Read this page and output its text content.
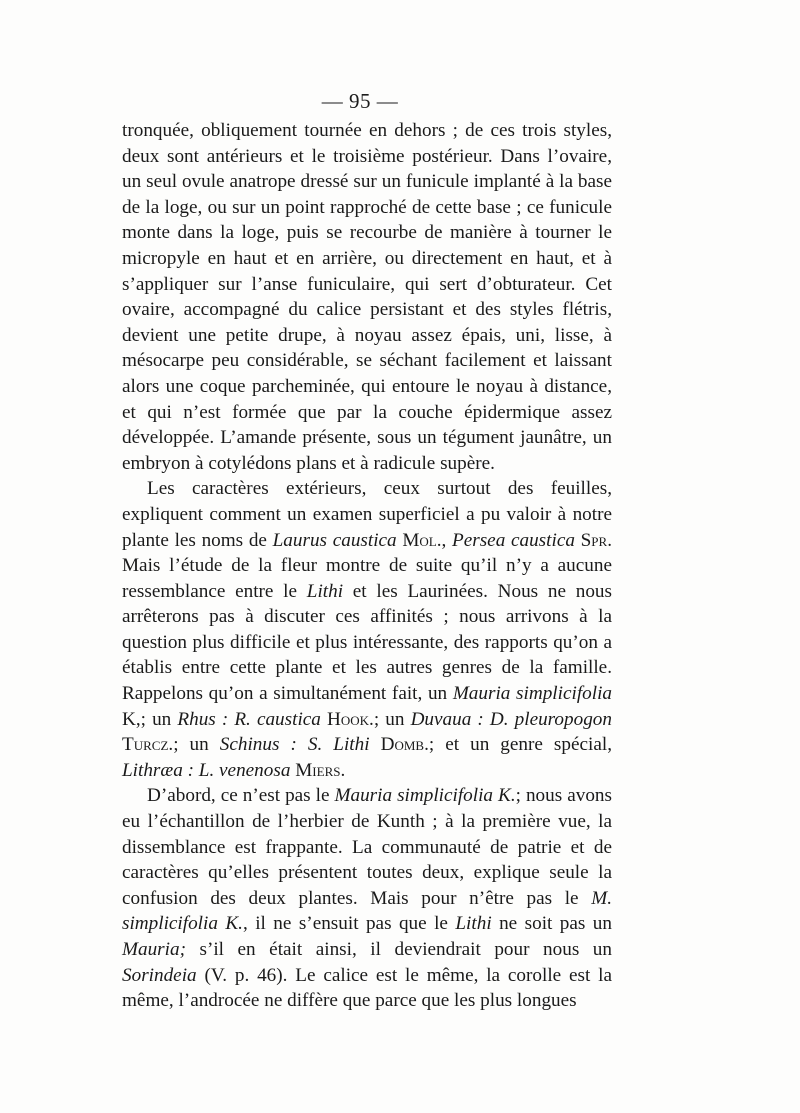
— 95 —

tronquée, obliquement tournée en dehors ; de ces trois styles, deux sont antérieurs et le troisième postérieur. Dans l’ovaire, un seul ovule anatrope dressé sur un funicule implanté à la base de la loge, ou sur un point rapproché de cette base ; ce funicule monte dans la loge, puis se recourbe de manière à tourner le micropyle en haut et en arrière, ou directement en haut, et à s’appliquer sur l’anse funiculaire, qui sert d’obturateur. Cet ovaire, accompagné du calice persistant et des styles flétris, devient une petite drupe, à noyau assez épais, uni, lisse, à mésocarpe peu considérable, se séchant facilement et laissant alors une coque parcheminée, qui entoure le noyau à distance, et qui n’est formée que par la couche épidermique assez développée. L’amande présente, sous un tégument jaunâtre, un embryon à cotylédons plans et à radicule supère.

Les caractères extérieurs, ceux surtout des feuilles, expliquent comment un examen superficiel a pu valoir à notre plante les noms de Laurus caustica Mol., Persea caustica Spr. Mais l’étude de la fleur montre de suite qu’il n’y a aucune ressemblance entre le Lithi et les Laurinées. Nous ne nous arrêterons pas à discuter ces affinités ; nous arrivons à la question plus difficile et plus intéressante, des rapports qu’on a établis entre cette plante et les autres genres de la famille. Rappelons qu’on a simultanément fait, un Mauria simplicifolia K,; un Rhus : R. caustica Hook.; un Duvaua : D. pleuropogon Turcz.; un Schinus : S. Lithi Domb.; et un genre spécial, Lithræa : L. venenosa Miers.

D’abord, ce n’est pas le Mauria simplicifolia K.; nous avons eu l’échantillon de l’herbier de Kunth ; à la première vue, la dissemblance est frappante. La communauté de patrie et de caractères qu’elles présentent toutes deux, explique seule la confusion des deux plantes. Mais pour n’être pas le M. simplicifolia K., il ne s’ensuit pas que le Lithi ne soit pas un Mauria; s’il en était ainsi, il deviendrait pour nous un Sorindeia (V. p. 46). Le calice est le même, la corolle est la même, l’androcée ne diffère que parce que les plus longues
